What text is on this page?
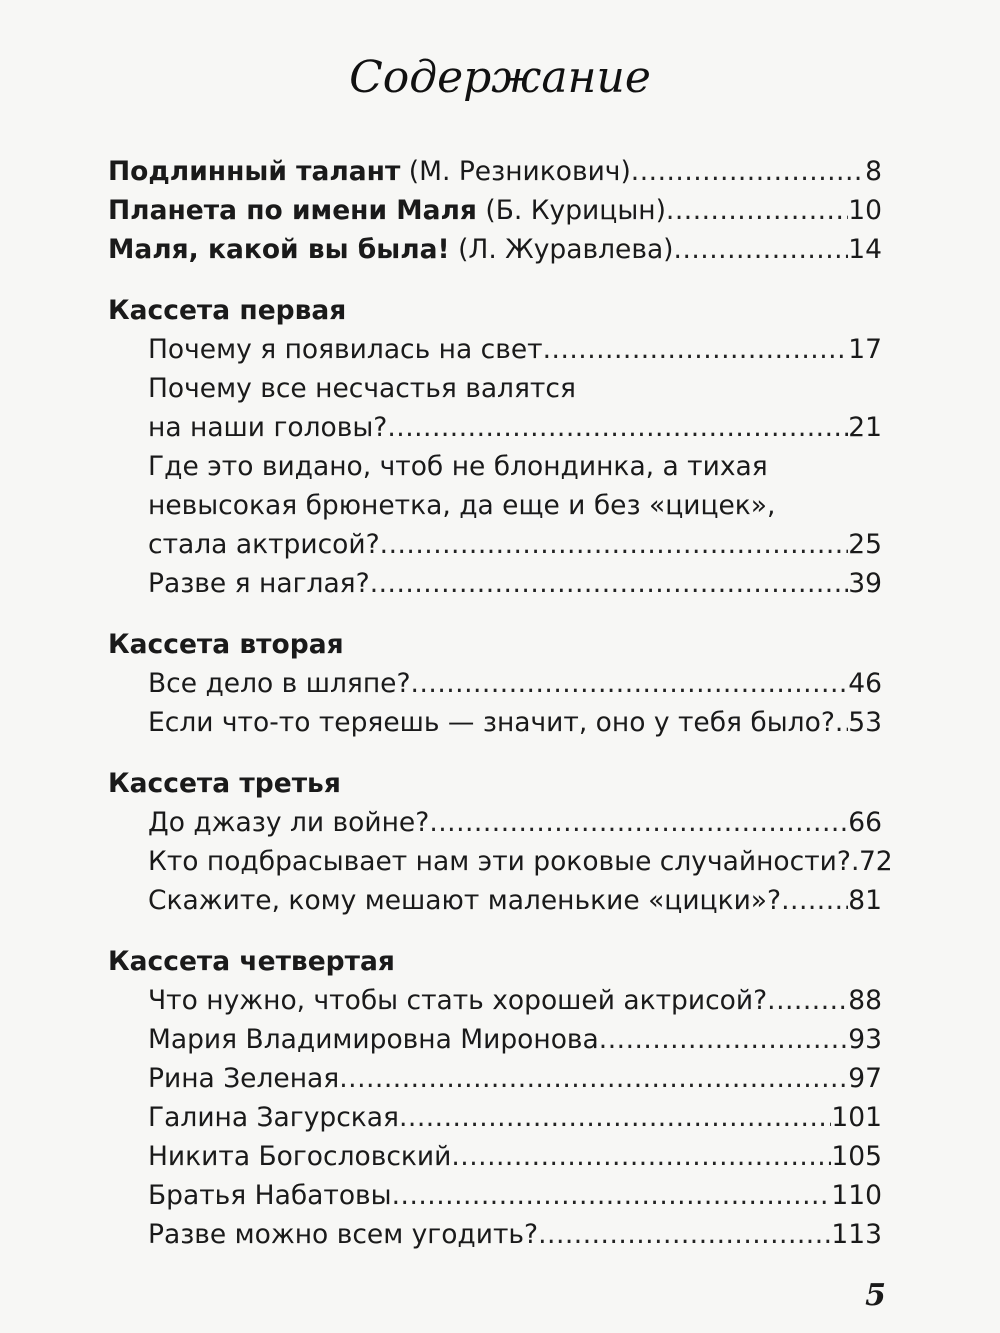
Содержание
Подлинный талант (М. Резникович) .....	8
Планета по имени Маля (Б. Курицын) .....	10
Маля, какой вы была! (Л. Журавлева) .....	14
Кассета первая
Почему я появилась на свет .....	17
Почему все несчастья валятся
на наши головы? .....	21
Где это видано, чтоб не блондинка, а тихая
невысокая брюнетка, да еще и без «цицек»,
стала актрисой? .....	25
Разве я наглая? .....	39
Кассета вторая
Все дело в шляпе? .....	46
Если что-то теряешь — значит, оно у тебя было? ..... 53
Кассета третья
До джазу ли войне? .....	66
Кто подбрасывает нам эти роковые случайности? ..... 72
Скажите, кому мешают маленькие «цицки»? .....	81
Кассета четвертая
Что нужно, чтобы стать хорошей актрисой? .....	88
Мария Владимировна Миронова .....	93
Рина Зеленая .....	97
Галина Загурская .....	101
Никита Богословский .....	105
Братья Набатовы .....	110
Разве можно всем угодить? .....	113
5
